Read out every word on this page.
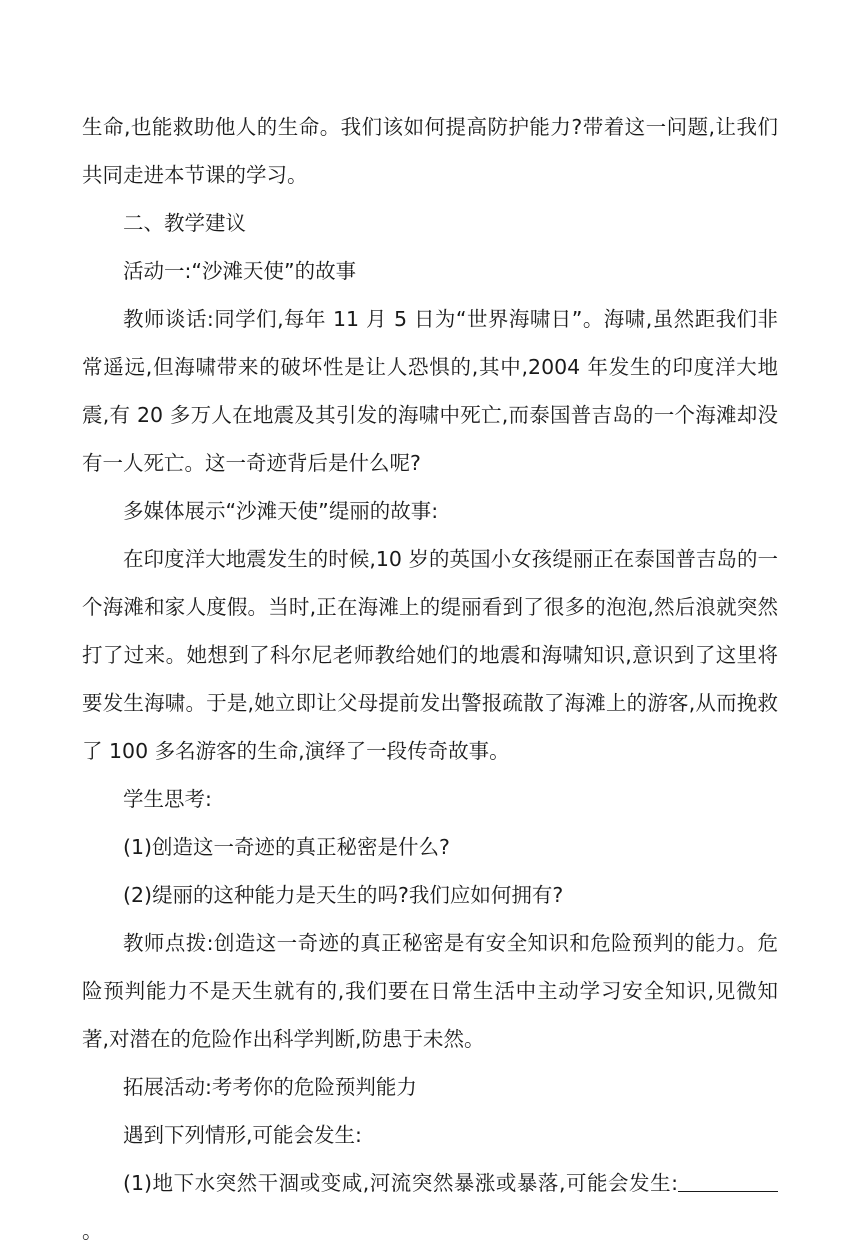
生命,也能救助他人的生命。我们该如何提高防护能力?带着这一问题,让我们共同走进本节课的学习。

二、教学建议

活动一:“沙滩天使”的故事

教师谈话:同学们,每年 11 月 5 日为“世界海啸日”。海啸,虽然距我们非常遥远,但海啸带来的破坏性是让人恐惧的,其中,2004 年发生的印度洋大地震,有 20 多万人在地震及其引发的海啸中死亡,而泰国普吉岛的一个海滩却没有一人死亡。这一奇迹背后是什么呢?

多媒体展示“沙滩天使”缇丽的故事:

在印度洋大地震发生的时候,10 岁的英国小女孩缇丽正在泰国普吉岛的一个海滩和家人度假。当时,正在海滩上的缇丽看到了很多的泡泡,然后浪就突然打了过来。她想到了科尔尼老师教给她们的地震和海啸知识,意识到了这里将要发生海啸。于是,她立即让父母提前发出警报疏散了海滩上的游客,从而挽救了 100 多名游客的生命,演绎了一段传奇故事。

学生思考:

(1)创造这一奇迹的真正秘密是什么?

(2)缇丽的这种能力是天生的吗?我们应如何拥有?

教师点拨:创造这一奇迹的真正秘密是有安全知识和危险预判的能力。危险预判能力不是天生就有的,我们要在日常生活中主动学习安全知识,见微知著,对潜在的危险作出科学判断,防患于未然。

拓展活动:考考你的危险预判能力

遇到下列情形,可能会发生:

(1)地下水突然干涸或变咸,河流突然暴涨或暴落,可能会发生:。
